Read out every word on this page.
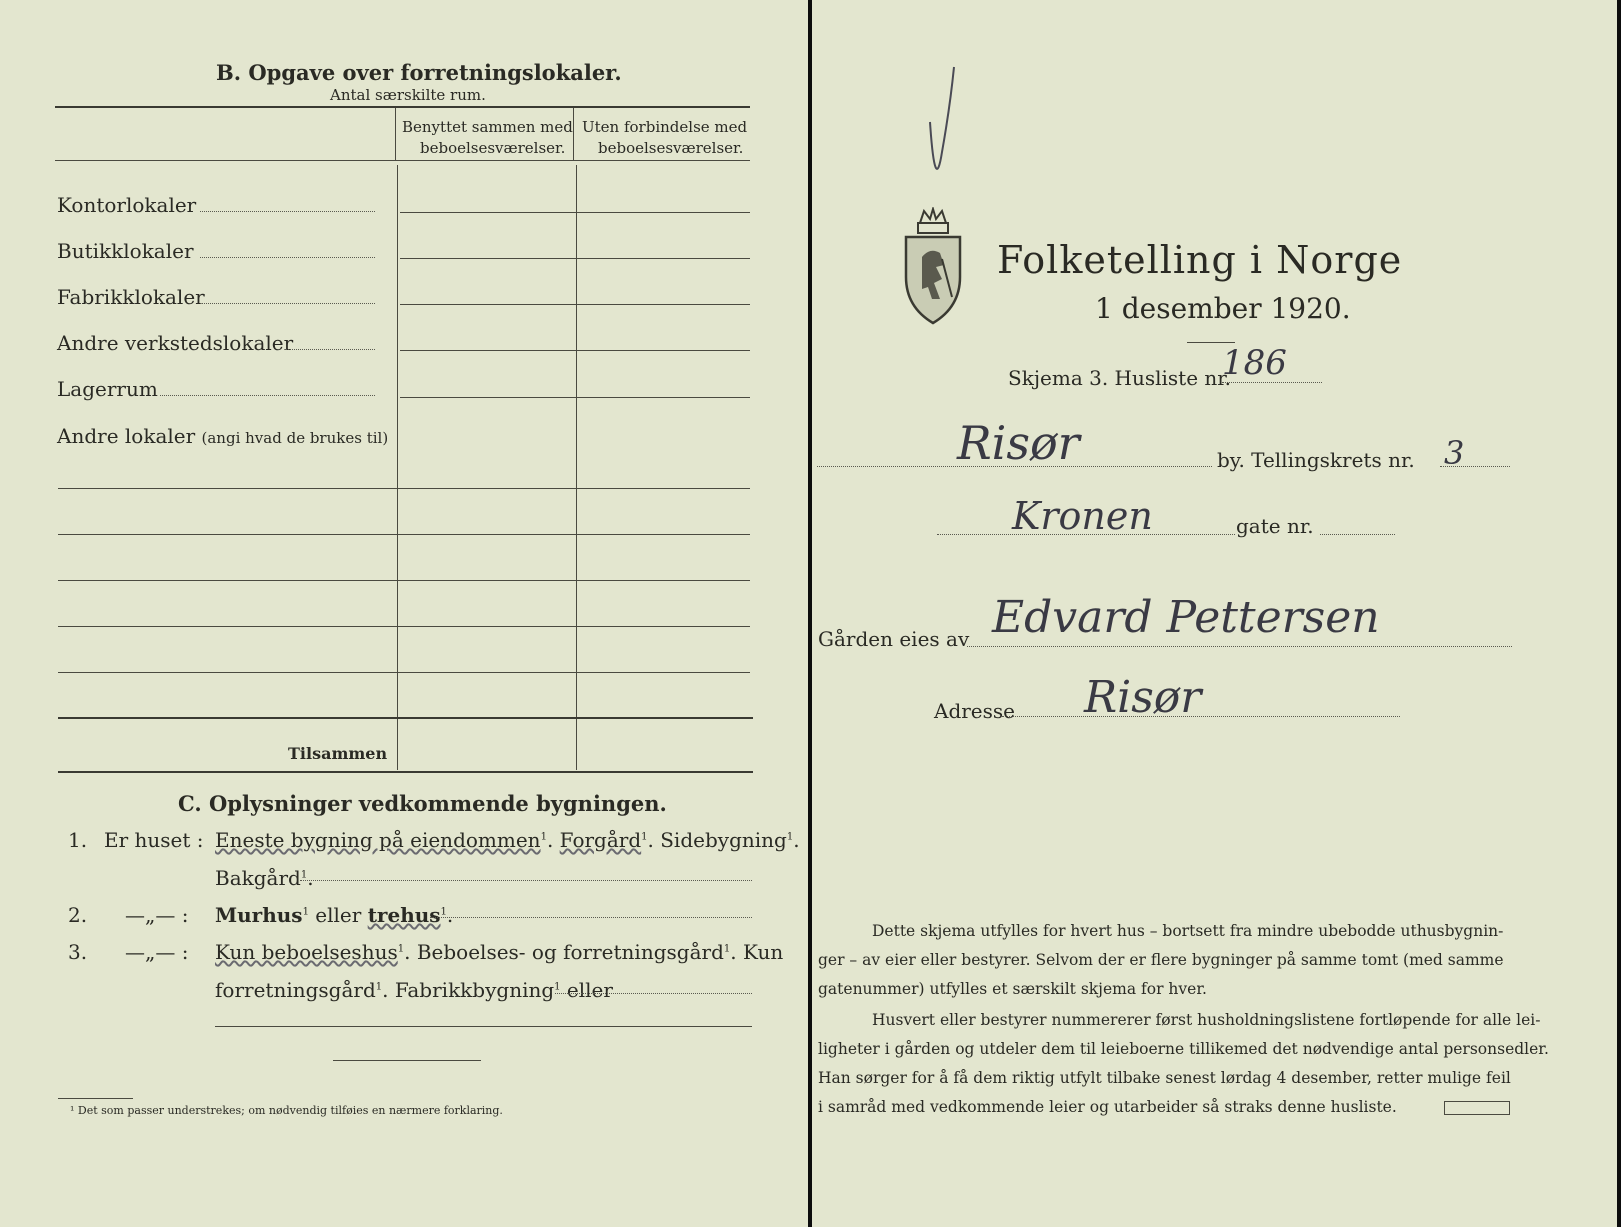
B. Opgave over forretningslokaler.
Antal særskilte rum.
Benyttet sammen med
beboelsesværelser.
Uten forbindelse med
beboelsesværelser.
Kontorlokaler
Butikklokaler
Fabrikklokaler
Andre verkstedslokaler
Lagerrum
Andre lokaler (angi hvad de brukes til)
Tilsammen
C. Oplysninger vedkommende bygningen.
1. Er huset : Eneste bygning på eiendommen$^1$. Forgård$^1$. Sidebygning$^1$.
Bakgård$^1$.
2. —„— : Murhus$^1$ eller trehus$^1$.
3. —„— : Kun beboelseshus$^1$. Beboelses- og forretningsgård$^1$. Kun
forretningsgård$^1$. Fabrikkbygning$^1$ eller
¹ Det som passer understrekes; om nødvendig tilføies en nærmere forklaring.
Folketelling i Norge
1 desember 1920.
Skjema 3. Husliste nr.
186
Risør	by. Tellingskrets nr. 3
Kronen	gate nr.
Gården eies av Edvard Pettersen
Adresse Risør
Dette skjema utfylles for hvert hus – bortsett fra mindre ubebodde uthusbygnin-
ger – av eier eller bestyrer. Selvom der er flere bygninger på samme tomt (med samme
gatenummer) utfylles et særskilt skjema for hver.
Husvert eller bestyrer nummererer først husholdningslistene fortløpende for alle lei-
ligheter i gården og utdeler dem til leieboerne tillikemed det nødvendige antal personsedler.
Han sørger for å få dem riktig utfylt tilbake senest lørdag 4 desember, retter mulige feil
i samråd med vedkommende leier og utarbeider så straks denne husliste.
